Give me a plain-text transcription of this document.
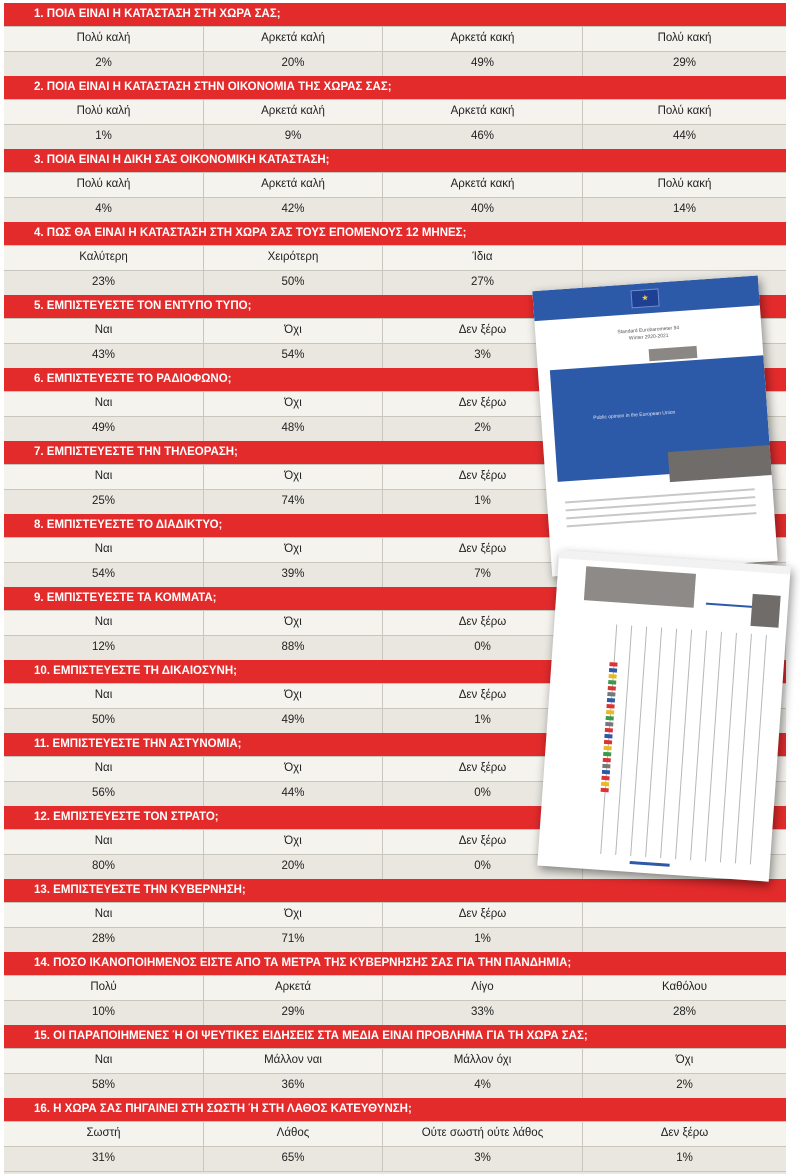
1. ΠΟΙΑ ΕΙΝΑΙ Η ΚΑΤΑΣΤΑΣΗ ΣΤΗ ΧΩΡΑ ΣΑΣ;
Πολύ καλή	Αρκετά καλή	Αρκετά κακή	Πολύ κακή
2%	20%	49%	29%
2. ΠΟΙΑ ΕΙΝΑΙ Η ΚΑΤΑΣΤΑΣΗ ΣΤΗΝ ΟΙΚΟΝΟΜΙΑ ΤΗΣ ΧΩΡΑΣ ΣΑΣ;
Πολύ καλή	Αρκετά καλή	Αρκετά κακή	Πολύ κακή
1%	9%	46%	44%
3. ΠΟΙΑ ΕΙΝΑΙ Η ΔΙΚΗ ΣΑΣ ΟΙΚΟΝΟΜΙΚΗ ΚΑΤΑΣΤΑΣΗ;
Πολύ καλή	Αρκετά καλή	Αρκετά κακή	Πολύ κακή
4%	42%	40%	14%
4. ΠΩΣ ΘΑ ΕΙΝΑΙ Η ΚΑΤΑΣΤΑΣΗ ΣΤΗ ΧΩΡΑ ΣΑΣ ΤΟΥΣ ΕΠΟΜΕΝΟΥΣ 12 ΜΗΝΕΣ;
Καλύτερη	Χειρότερη	Ίδια
23%	50%	27%
5. ΕΜΠΙΣΤΕΥΕΣΤΕ ΤΟΝ ΕΝΤΥΠΟ ΤΥΠΟ;
Ναι	Όχι	Δεν ξέρω
43%	54%	3%
6. ΕΜΠΙΣΤΕΥΕΣΤΕ ΤΟ ΡΑΔΙΟΦΩΝΟ;
Ναι	Όχι	Δεν ξέρω
49%	48%	2%
7. ΕΜΠΙΣΤΕΥΕΣΤΕ ΤΗΝ ΤΗΛΕΟΡΑΣΗ;
Ναι	Όχι	Δεν ξέρω
25%	74%	1%
8. ΕΜΠΙΣΤΕΥΕΣΤΕ ΤΟ ΔΙΑΔΙΚΤΥΟ;
Ναι	Όχι	Δεν ξέρω
54%	39%	7%
9. ΕΜΠΙΣΤΕΥΕΣΤΕ ΤΑ ΚΟΜΜΑΤΑ;
Ναι	Όχι	Δεν ξέρω
12%	88%	0%
10. ΕΜΠΙΣΤΕΥΕΣΤΕ ΤΗ ΔΙΚΑΙΟΣΥΝΗ;
Ναι	Όχι	Δεν ξέρω
50%	49%	1%
11. ΕΜΠΙΣΤΕΥΕΣΤΕ ΤΗΝ ΑΣΤΥΝΟΜΙΑ;
Ναι	Όχι	Δεν ξέρω
56%	44%	0%
12. ΕΜΠΙΣΤΕΥΕΣΤΕ ΤΟΝ ΣΤΡΑΤΟ;
Ναι	Όχι	Δεν ξέρω
80%	20%	0%
13. ΕΜΠΙΣΤΕΥΕΣΤΕ ΤΗΝ ΚΥΒΕΡΝΗΣΗ;
Ναι	Όχι	Δεν ξέρω
28%	71%	1%
14. ΠΟΣΟ ΙΚΑΝΟΠΟΙΗΜΕΝΟΣ ΕΙΣΤΕ ΑΠΟ ΤΑ ΜΕΤΡΑ ΤΗΣ ΚΥΒΕΡΝΗΣΗΣ ΣΑΣ ΓΙΑ ΤΗΝ ΠΑΝΔΗΜΙΑ;
Πολύ	Αρκετά	Λίγο	Καθόλου
10%	29%	33%	28%
15. ΟΙ ΠΑΡΑΠΟΙΗΜΕΝΕΣ Ή ΟΙ ΨΕΥΤΙΚΕΣ ΕΙΔΗΣΕΙΣ ΣΤΑ ΜΕΔΙΑ ΕΙΝΑΙ ΠΡΟΒΛΗΜΑ ΓΙΑ ΤΗ ΧΩΡΑ ΣΑΣ;
Ναι	Μάλλον ναι	Μάλλον όχι	Όχι
58%	36%	4%	2%
16. Η ΧΩΡΑ ΣΑΣ ΠΗΓΑΙΝΕΙ ΣΤΗ ΣΩΣΤΗ Ή ΣΤΗ ΛΑΘΟΣ ΚΑΤΕΥΘΥΝΣΗ;
Σωστή	Λάθος	Ούτε σωστή ούτε λάθος	Δεν ξέρω
31%	65%	3%	1%
★
Standard Eurobarometer 94
Winter 2020-2021
Public opinion in the European Union
